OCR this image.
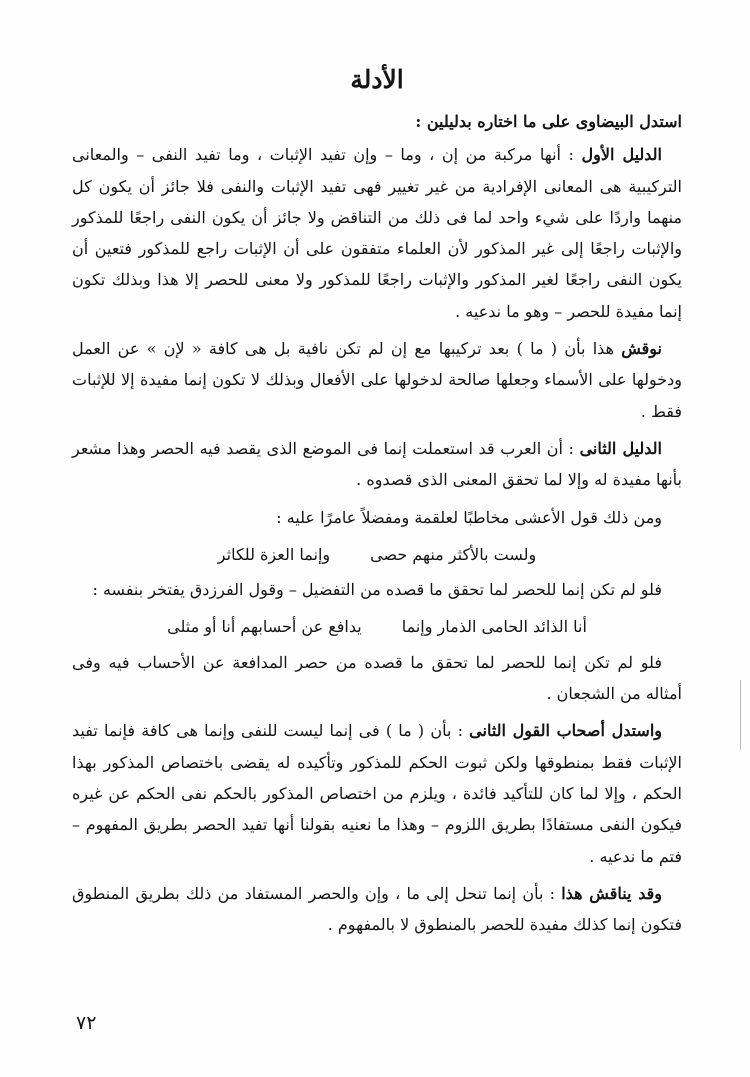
الأدلة

استدل البيضاوى على ما اختاره بدليلين :

الدليل الأول : أنها مركبة من إن ، وما – وإن تفيد الإثبات ، وما تفيد النفى – والمعانى التركيبية هى المعانى الإفرادية من غير تغيير فهى تفيد الإثبات والنفى فلا جائز أن يكون كل منهما واردًا على شيء واحد لما فى ذلك من التناقض ولا جائز أن يكون النفى راجعًا للمذكور والإثبات راجعًا إلى غير المذكور لأن العلماء متفقون على أن الإثبات راجع للمذكور فتعين أن يكون النفى راجعًا لغير المذكور والإثبات راجعًا للمذكور ولا معنى للحصر إلا هذا وبذلك تكون إنما مفيدة للحصر – وهو ما ندعيه .

نوقش هذا بأن ( ما ) بعد تركيبها مع إن لم تكن نافية بل هى كافة « لإن » عن العمل ودخولها على الأسماء وجعلها صالحة لدخولها على الأفعال وبذلك لا تكون إنما مفيدة إلا للإثبات فقط .

الدليل الثانى : أن العرب قد استعملت إنما فى الموضع الذى يقصد فيه الحصر وهذا مشعر بأنها مفيدة له وإلا لما تحقق المعنى الذى قصدوه .

ومن ذلك قول الأعشى مخاطبًا لعلقمة ومفضلاً عامرًا عليه :

ولست بالأكثر منهم حصى
وإنما العزة للكاثر

فلو لم تكن إنما للحصر لما تحقق ما قصده من التفضيل – وقول الفرزدق يفتخر بنفسه :

أنا الذائد الحامى الذمار وإنما
يدافع عن أحسابهم أنا أو مثلى

فلو لم تكن إنما للحصر لما تحقق ما قصده من حصر المدافعة عن الأحساب فيه وفى أمثاله من الشجعان .

واستدل أصحاب القول الثانى : بأن ( ما ) فى إنما ليست للنفى وإنما هى كافة فإنما تفيد الإثبات فقط بمنطوقها ولكن ثبوت الحكم للمذكور وتأكيده له يقضى باختصاص المذكور بهذا الحكم ، وإلا لما كان للتأكيد فائدة ، ويلزم من اختصاص المذكور بالحكم نفى الحكم عن غيره فيكون النفى مستفادًا بطريق اللزوم – وهذا ما نعنيه بقولنا أنها تفيد الحصر بطريق المفهوم – فتم ما ندعيه .

وقد يناقش هذا : بأن إنما تنحل إلى ما ، وإن والحصر المستفاد من ذلك بطريق المنطوق فتكون إنما كذلك مفيدة للحصر بالمنطوق لا بالمفهوم .

٧٢
